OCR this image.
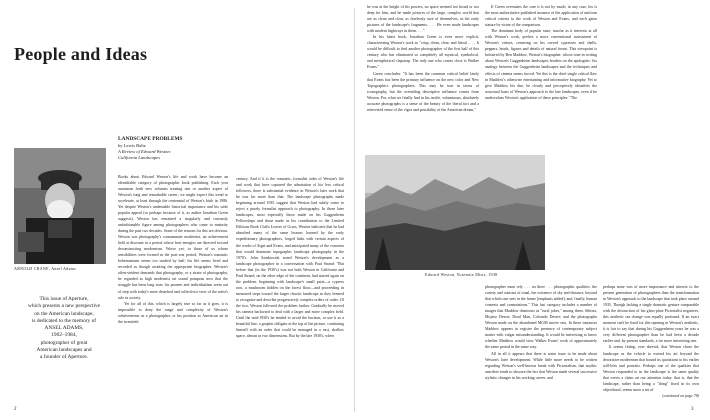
People and Ideas
ARNOLD CRANE, Ansel Adams

This issue of Aperture,

which presents a new perspective

on the American landscape,

is dedicated to the memory of

ANSEL ADAMS,

1902–1984,

photographer of great

American landscapes and

a founder of Aperture.

LANDSCAPE PROBLEMS

by Lewis Baltz

A Review of Edward Weston:

California Landscapes

Books about Edward Weston's life and work have become an identifiable category of photographic book publishing. Each year summons forth new volumes treating one or another aspect of Weston's long and remarkable career; we might expect this trend to accelerate, at least through the centennial of Weston's birth in 1986. Yet despite Weston's undeniable historical importance and his wide popular appeal (or perhaps because of it, as author Jonathan Green suggests), Weston has remained a singularly and curiously unfashionable figure among photographers who came to maturity during the past two decades. Some of the reasons for this are obvious. Weston was photography's consummate modernist, an achievement held at discount in a period whose best energies are directed toward deconstructing modernism. Worse yet, to those of us whose sensibilities were formed in the post-war period, Weston's romantic bohemianism seems too studied by half; his life seems lived and recorded as though awaiting the appropriate biographer. Weston's often-strident demands that photography, or a strain of photography, be regarded as high modernist art sound pompous now that the struggle has been long won; his pioneer and individualism seem out of step with today's more detached and collectivist view of the artist's role in society.

Yet for all of this, which is largely true so far as it goes, it is impossible to deny the range and complexity of Weston's achievements as a photographer, or his position as American art in the twentieth

century. And if it is the romantic, formalist sides of Weston's life and work that have captured the admiration of his less critical followers, there is substantial evidence in Weston's later work that he was far more than that. The landscape photographs made beginning around 1935 suggest that Weston had subtly come to reject a purely formalist approach to photography. In these later landscapes, most especially those made on his Guggenheim Fellowships and those made as his contribution to the Limited Editions Book Club's Leaves of Grass, Weston indicates that he had absorbed many of the same lessons learned by the early expeditionary photographers, forged links with certain aspects of the works of Atget and Evans, and anticipated many of the concerns that would dominate topographic landscape photography in the 1970's. John Szarkowski noted Weston's development as a landscape photographer in a conversation with Paul Strand: "But before that (in the 1930's) was not both Weston in California and Paul Strand, on the other edge of the continent, had started again on the problem, beginning with landscape's small parts—a cypress root, a mushroom hidden on the forest floor—and proceeding in measured steps toward the larger chaotic landscape as they learned to recognize and describe progressively complex orders of order. Of the two, Weston followed the problem further. Gradually he moved his camera backward to deal with a larger and more complex field. Until the mid-1930's he tended to avoid the horizon, or use it as a beautiful line, a graphic obligato at the top of the picture, continuing himself with an order that could be managed in a vast, shallow space, almost in two dimensions. But by the late 1930's, when

2

he was at the height of his powers, no space seemed too broad or too deep for him, and he made pictures of the large, complex world that are as clean and clear, as fearlessly sure of themselves, as his early pictures of the landscape's fragments. . . . He even made landscapes with modern highways in them. . . ."

In his latest book, Jonathan Green is even more explicit, characterizing Weston's work as "crisp, clean, clear, and literal . . . . It would be difficult to find another photographer of the first half of this century who has eliminated so completely all mystical, symbolical, and metaphorical clapstrap. The only one who comes close is Walker Evans."

Green concludes: "It has been the common critical belief lately that Evans has been the primary influence on the new color and New Topographics photographers. This may be true in terms of iconography, but the overriding descriptive influence comes from Weston. For, what we finally find in his tactile, voluminous, absolutely accurate photographs is a sense of the beauty of the literal fact and a reinvested sense of the vigor and possibility of the American dream."

Edward Weston, Yosemite Mists, 1938

If Green overstates the case it is not by much; in any case, his is the most authoritative published instance of the application of uniform critical criteria to the work of Weston and Evans, and each gains stature by virtue of the comparison.

The dominant body of popular taste, insofar as it interests at all with Weston's work, prefers a more conventional assessment of Weston's virtues, centering on his carved cypresses and shells, peppers, heads, figures and details of natural forms. This viewpoint is bolstered by Ben Maddow, Weston's biographer, whose tone in writing about Weston's Guggenheim landscapes borders on the apologetic: his analogy between the Guggenheim landscapes and the techniques and effects of cinema seems forced. Yet this is the chief single critical flaw in Maddow's otherwise entertaining and informative biography. Yet to give Maddow his due, he clearly and perceptively identifies the structural basis of Weston's approach to the late landscapes, even if he undervalues Weston's application of these principles: "The

photographer must rely . . . on three . . . photographic qualities: the variety and contrast of tonal, the existence of sky and distance, beyond that which one sees in the frame [emphasis added]; and, finally, human contexts and connotations." This last category includes a number of images that Maddow dismisses as "rural jokes," among them: Siberia, Mojave Desert; Dead Man, Colorado Desert; and the photographs Weston made on the abandoned MGM movie sets. In these instances Maddow appears to register the presence of contemporary subject matter with vulgar misunderstanding. It would be interesting to know whether Maddow would view Walker Evans' work of approximately the same period in the same way.

All in all it appears that there is some issue to be made about Weston's later development. While little more needs to be written regarding Weston's well-known break with Pictorialism, that mythic anecdote tends to obscure the fact that Weston made several successive stylistic changes in his working career, and

perhaps none was of more importance and interest to the present generation of photographers than the transformation in Weston's approach to the landscape that took place around 1935. Though lacking a single dramatic gesture comparable with the destruction of his glass-plate Pictorialist negatives, this aesthetic sea change was equally profound. If an exact moment can't be fixed for this opening in Weston's aesthetic, it is fair to say that during his Guggenheim years he was a very different photographer than he had been a decade earlier and, by present standards, a far more interesting one.

It seems fitting, ever shrewd, that Weston chose the landscape as the vehicle to extend his art beyond the decorative modernism that bound its quotations to his earlier still-lifes and portraits. Perhaps one of the qualities that Weston responded to in the landscape is the same quality that exerts a claim on our attention today: that is, that the landscape, rather than being a "thing" fixed in its own objecthood, seems more a set of

(continued on page 78)
3
